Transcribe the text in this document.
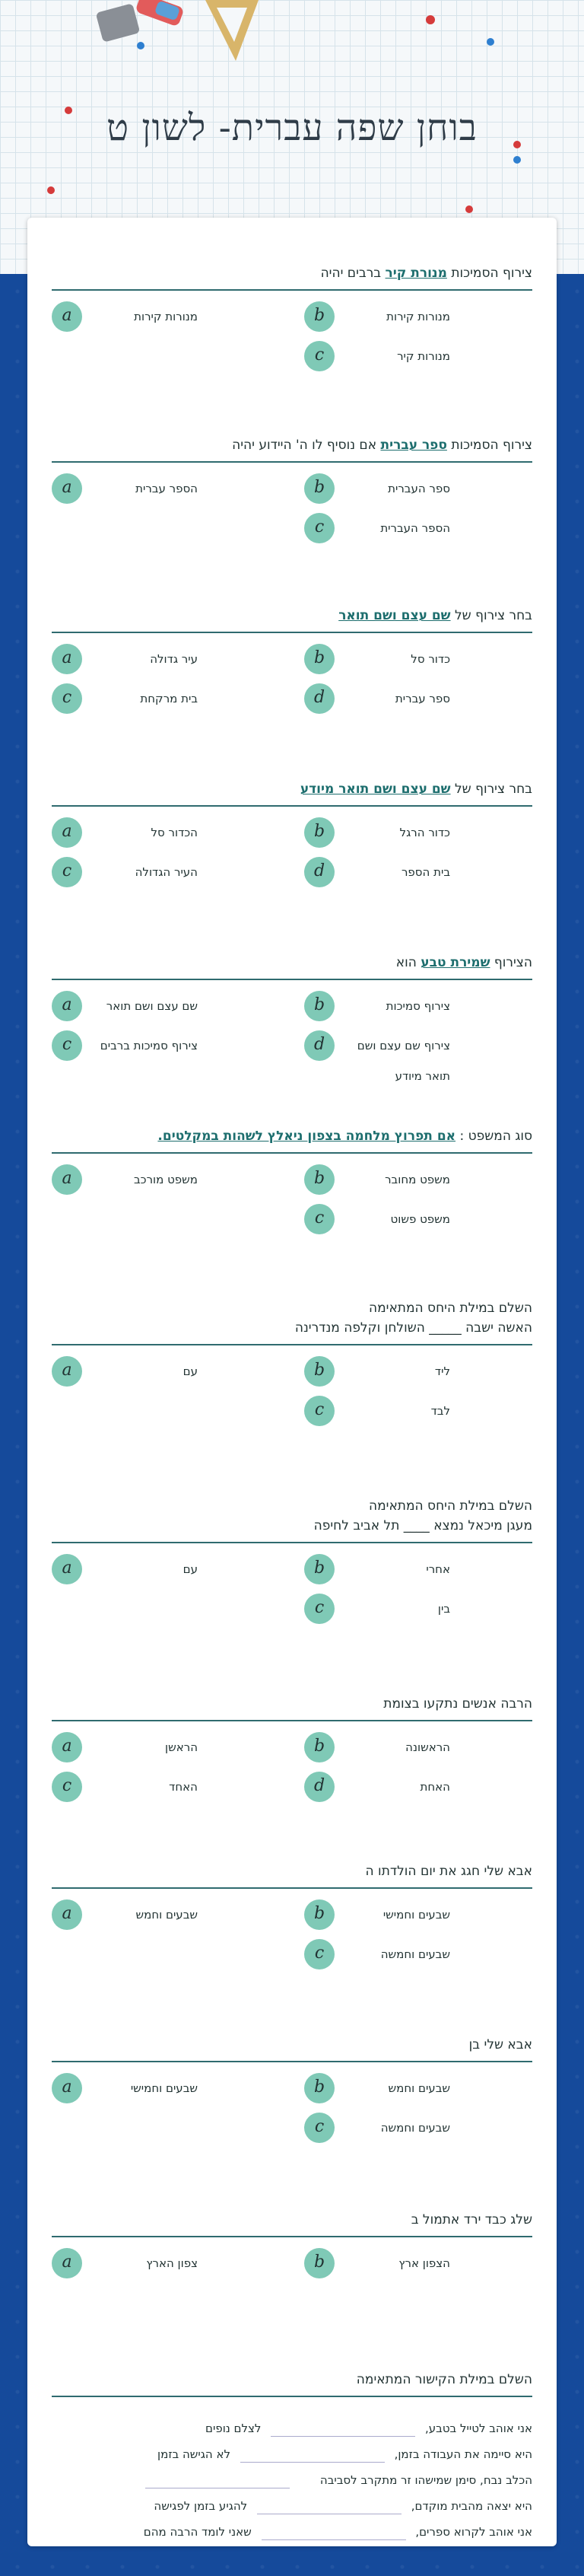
בוחן שפה עברית- לשון ט
צירוף הסמיכות מנורת קיר ברבים יהיה
b	מנורות קירות
a	מנורות קירות
c	מנורות קיר
צירוף הסמיכות ספר עברית אם נוסיף לו ה' היידוע יהיה
b	ספר העברית
a	הספר עברית
c	הספר העברית
בחר צירוף של שם עצם ושם תואר
b	כדור סל
a	עיר גדולה
d	ספר עברית
c	בית מרקחת
בחר צירוף של שם עצם ושם תואר מיודע
b	כדור הרגל
a	הכדור סל
d	בית הספר
c	העיר הגדולה
הצירוף שמירת טבע הוא
b	צירוף סמיכות
a	שם עצם ושם תואר
d	צירוף שם עצם ושם תואר מיודע
c	צירוף סמיכות ברבים
סוג המשפט : אם תפרוץ מלחמה בצפון ניאלץ לשהות במקלטים.
b	משפט מחובר
a	משפט מורכב
c	משפט פשוט
השלם במילת היחס המתאימה
האשה ישבה _____ השולחן וקלפה מנדרינה
b	ליד
a	עם
c	לבד
השלם במילת היחס המתאימה
מעגן מיכאל נמצא ____ תל אביב לחיפה
b	אחרי
a	עם
c	בין
הרבה אנשים נתקעו בצומת
b	הראשונה
a	הראשן
d	האחת
c	האחד
אבא שלי חגג את יום הולדתו ה
b	שבעים וחמישי
a	שבעים וחמש
c	שבעים וחמשה
אבא שלי בן
b	שבעים וחמש
a	שבעים וחמישי
c	שבעים וחמשה
שלג כבד ירד אתמול ב
b	הצפון ארץ
a	צפון הארץ
השלם במילת הקישור המתאימה
אני אוהב לטייל בטבע,  לצלם נופים
היא סיימה את העבודה בזמן,  לא הגישה בזמן
הכלב נבח, סימן שמישהו זר מתקרב לסביבה
היא יצאה מהבית מוקדם,  להגיע בזמן לפגישה
אני אוהב לקרוא ספרים,  שאני לומד הרבה מהם
